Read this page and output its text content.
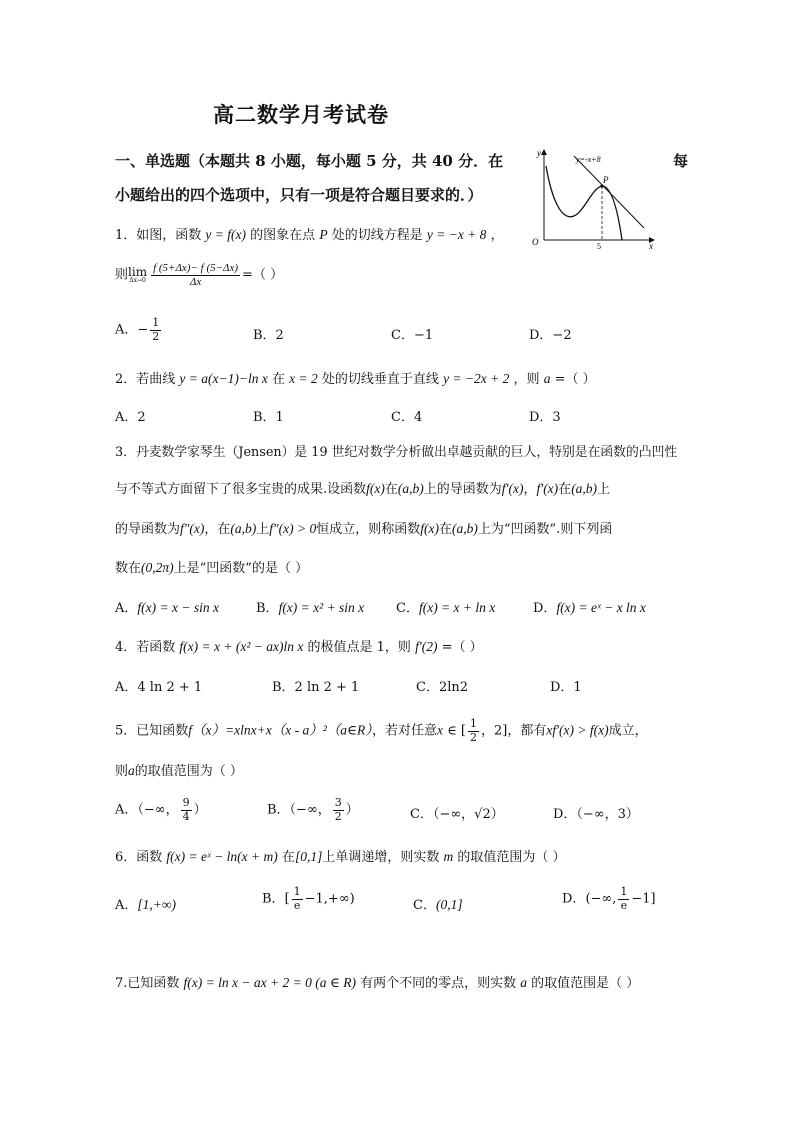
高二数学月考试卷
一、单选题（本题共 8 小题，每小题 5 分，共 40 分．在	每
小题给出的四个选项中，只有一项是符合题目要求的．）
y
x
O
y=-x+8
P
5
1．如图，函数 y = f(x) 的图象在点 P 处的切线方程是 y = −x + 8 ，
则lim
$\Delta x\to 0 \frac{f (5+\Delta x)- f (5-\Delta x)}{\Delta x}$ =（ ）
A．− $\frac{1}{2}$	B．2	C．−1	D．−2
2．若曲线 y = a(x−1)−ln x 在 x = 2 处的切线垂直于直线 y = −2x + 2 ，则 a =（ ）
A．2	B．1	C．4	D．3
3．丹麦数学家琴生（Jensen）是 19 世纪对数学分析做出卓越贡献的巨人，特别是在函数的凸凹性
与不等式方面留下了很多宝贵的成果.设函数f(x)在(a,b)上的导函数为f′(x)，f′(x)在(a,b)上
的导函数为f″(x)，在(a,b)上f″(x) > 0恒成立，则称函数f(x)在(a,b)上为“凹函数”.则下列函
数在(0,2π)上是“凹函数”的是（ ）
A．f(x) = x − sin x	B．f(x) = x² + sin x C．f(x) = x + ln x	D．f(x) = eˣ − x ln x
4．若函数 f(x) = x + (x² − ax)ln x 的极值点是 1，则 f′(2) =（ ）
A．4 ln 2 + 1	B．2 ln 2 + 1	C．2ln2	D．1
5．已知函数f（x）=xlnx+x（x - a）²（a∈R），若对任意x ∈ [ $\frac{1}{2}$ ，2]，都有xf′(x) > f(x)成立，
则a的取值范围为（ ）
A．（−∞， $\frac{9}{4}$ ）	B．（−∞， $\frac{3}{2}$ ）	C．（−∞，√2）	D．（−∞，3）
6．函数 f(x) = eˣ − ln(x + m) 在[0,1]上单调递增，则实数 m 的取值范围为（ ）
A．[1,+∞)	B．[ $\frac{1}{e} -1,+\infty$)	C．(0,1]	D．(−∞, $\frac{1}{e} -1$]
7.已知函数 f(x) = ln x − ax + 2 = 0 (a ∈ R) 有两个不同的零点，则实数 a 的取值范围是（ ）
